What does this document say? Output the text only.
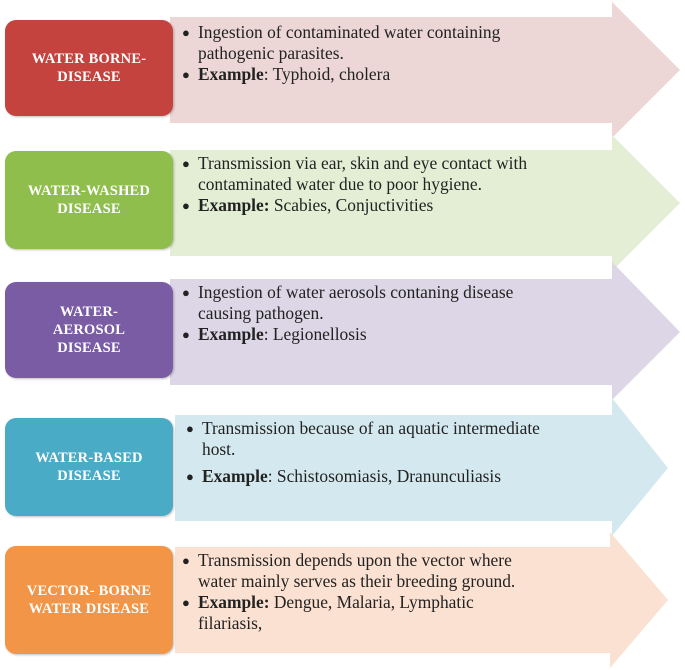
WATER BORNE-
DISEASE
● Ingestion of contaminated water containing
pathogenic parasites.
● Example: Typhoid, cholera
WATER-WASHED
DISEASE
● Transmission via ear, skin and eye contact with
contaminated water due to poor hygiene.
● Example: Scabies, Conjuctivities
WATER-
AEROSOL
DISEASE
● Ingestion of water aerosols contaning disease
causing pathogen.
● Example: Legionellosis
WATER-BASED
DISEASE
● Transmission because of an aquatic intermediate
host.
● Example: Schistosomiasis, Dranunculiasis
VECTOR- BORNE
WATER DISEASE
● Transmission depends upon the vector where
water mainly serves as their breeding ground.
● Example: Dengue, Malaria, Lymphatic
filariasis,
